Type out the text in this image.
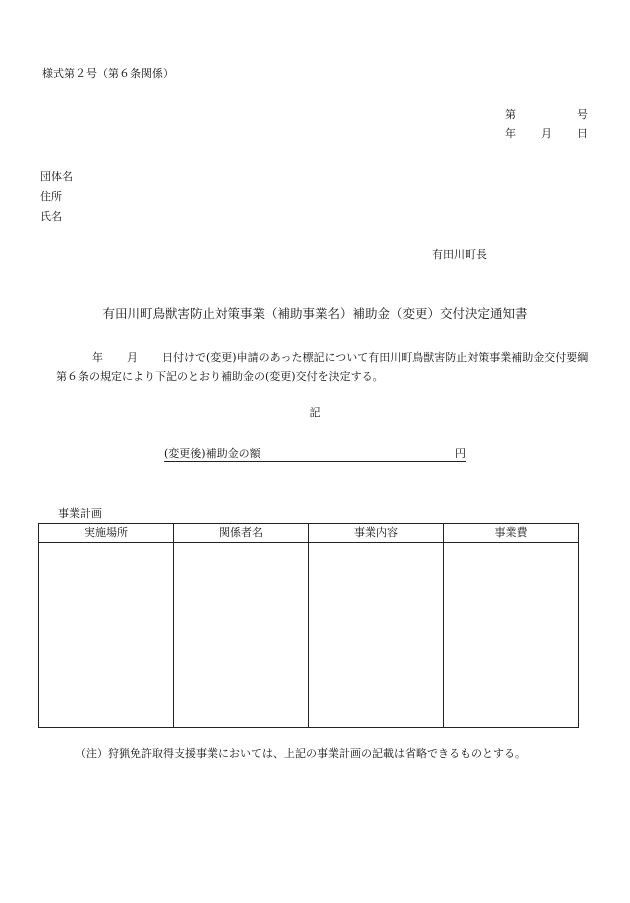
様式第２号（第６条関係）
第	号
年 月 日
団体名
住所
氏名
有田川町長
有田川町鳥獣害防止対策事業（補助事業名）補助金（変更）交付決定通知書
年 月 日付けで(変更)申請のあった標記について有田川町鳥獣害防止対策事業補助金交付要綱第６条の規定により下記のとおり補助金の(変更)交付を決定する。
記
(変更後)補助金の額	円
事業計画
実施場所	関係者名	事業内容	事業費

（注）狩猟免許取得支援事業においては、上記の事業計画の記載は省略できるものとする。
